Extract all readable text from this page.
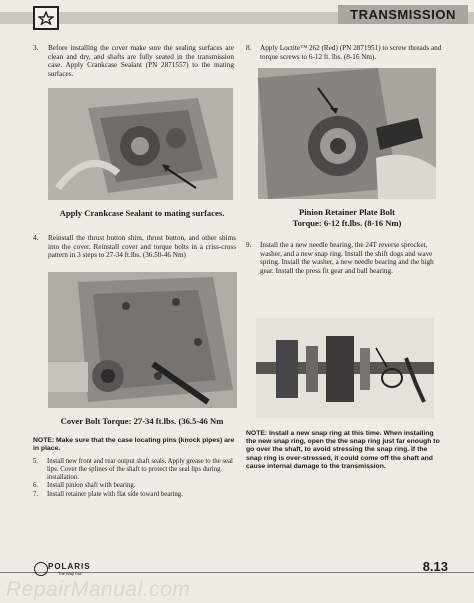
TRANSMISSION
3. Before installing the cover make sure the sealing surfaces are clean and dry, and shafts are fully seated in the transmission case. Apply Crankcase Sealant (PN 2871557) to the mating surfaces.
Apply Crankcase Sealant to mating surfaces.
4. Reinstall the thrust button shim, thrust button, and other shims into the cover. Reinstall cover and torque bolts in a criss-cross pattern in 3 steps to 27-34 ft.lbs. (36.50-46 Nm)
Cover Bolt Torque: 27-34 ft.lbs. (36.5-46 Nm
NOTE: Make sure that the case locating pins (knock pipes) are in place.
5.	Install new front and rear output shaft seals. Apply grease to the seal lips. Cover the splines of the shaft to protect the seal lips during installation.
6.	Install pinion shaft with bearing.
7.	Install retainer plate with flat side toward bearing.
8. Apply Loctite™ 262 (Red) (PN 2871951) to screw threads and torque screws to 6-12 ft. lbs. (8-16 Nm).
Pinion Retainer Plate Bolt
Torque: 6-12 ft.lbs. (8-16 Nm)
9. Install the a new needle bearing, the 24T reverse sprocket, washer, and a new snap ring. Install the shift dogs and wave spring. Install the washer, a new needle bearing and the high gear. Install the press fit gear and ball bearing.
NOTE: Install a new snap ring at this time. When installing the new snap ring, open the the snap ring just far enough to go over the shaft, to avoid stressing the snap ring. If the snap ring is over-stressed, it could come off the shaft and cause internal damage to the transmission.
POLARIS
The Way Out.	8.13
RepairManual.com
